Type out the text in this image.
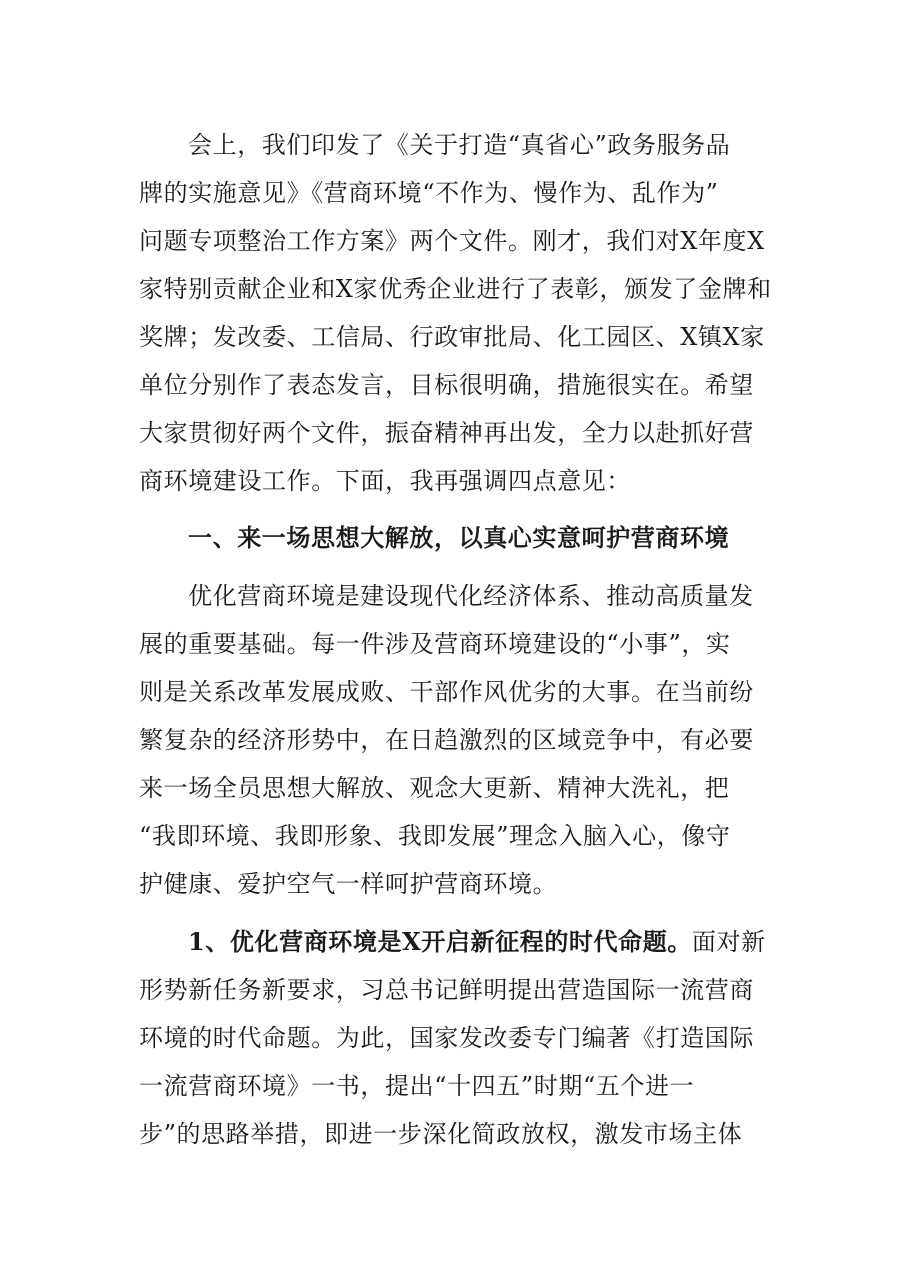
会上，我们印发了《关于打造“真省心”政务服务品
牌的实施意见》《营商环境“不作为、慢作为、乱作为”
问题专项整治工作方案》两个文件。刚才，我们对X年度X
家特别贡献企业和X家优秀企业进行了表彰，颁发了金牌和
奖牌；发改委、工信局、行政审批局、化工园区、X镇X家
单位分别作了表态发言，目标很明确，措施很实在。希望
大家贯彻好两个文件，振奋精神再出发，全力以赴抓好营
商环境建设工作。下面，我再强调四点意见：
一、来一场思想大解放，以真心实意呵护营商环境
优化营商环境是建设现代化经济体系、推动高质量发
展的重要基础。每一件涉及营商环境建设的“小事”，实
则是关系改革发展成败、干部作风优劣的大事。在当前纷
繁复杂的经济形势中，在日趋激烈的区域竞争中，有必要
来一场全员思想大解放、观念大更新、精神大洗礼，把
“我即环境、我即形象、我即发展”理念入脑入心，像守
护健康、爱护空气一样呵护营商环境。
1、优化营商环境是X开启新征程的时代命题。面对新
形势新任务新要求，习总书记鲜明提出营造国际一流营商
环境的时代命题。为此，国家发改委专门编著《打造国际
一流营商环境》一书，提出“十四五”时期“五个进一
步”的思路举措，即进一步深化简政放权，激发市场主体
